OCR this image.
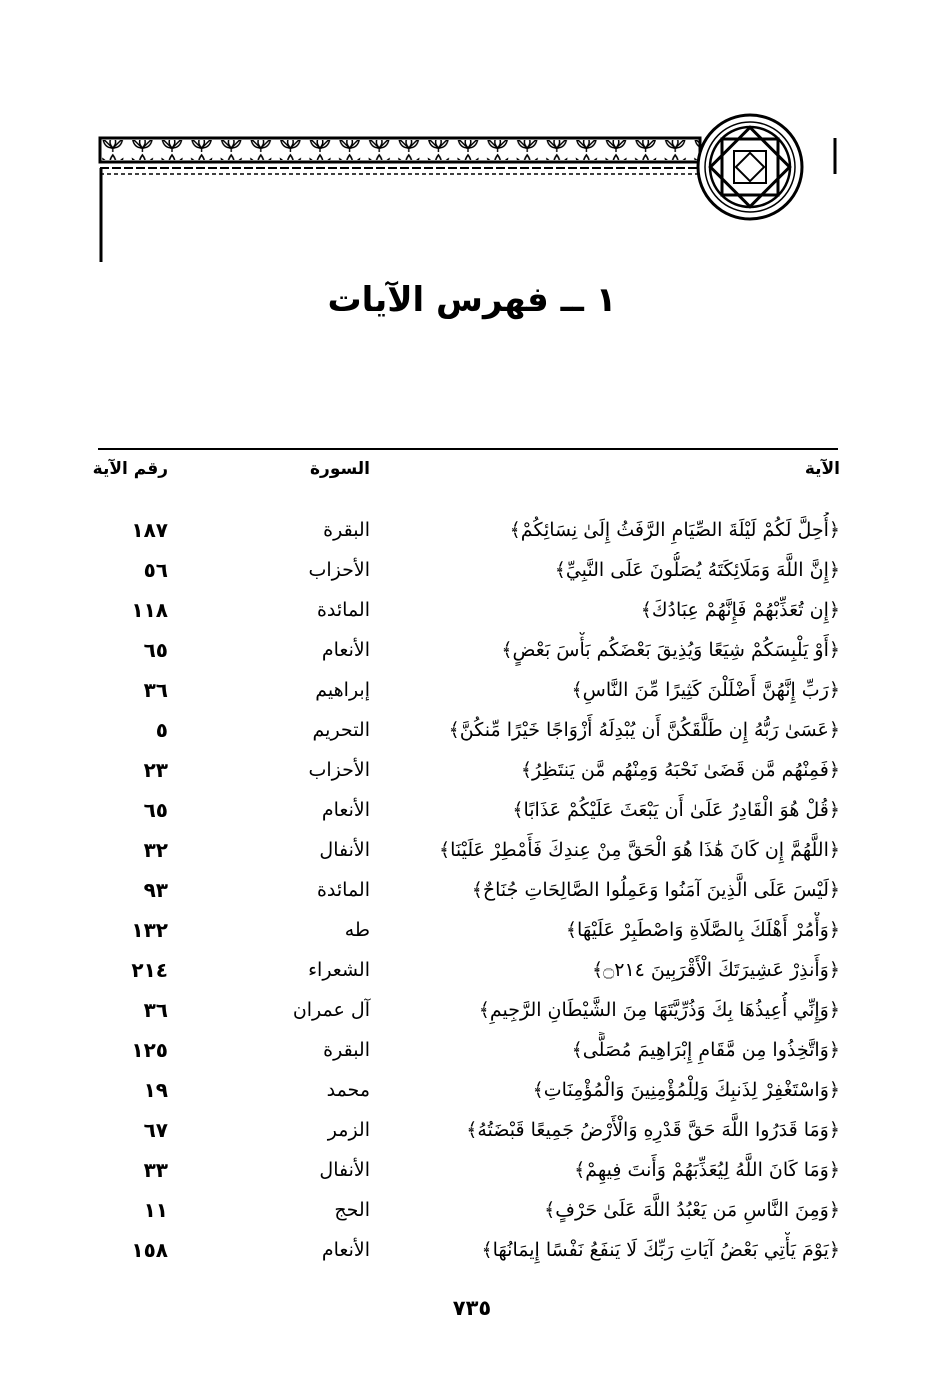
١ ــ فهرس الآيات
الآية
السورة
رقم الآية
﴿أُحِلَّ لَكُمْ لَيْلَةَ الصِّيَامِ الرَّفَثُ إِلَىٰ نِسَائِكُمْ﴾
البقرة
١٨٧
﴿إِنَّ اللَّهَ وَمَلَائِكَتَهُ يُصَلُّونَ عَلَى النَّبِيِّ﴾
الأحزاب
٥٦
﴿إِن تُعَذِّبْهُمْ فَإِنَّهُمْ عِبَادُكَ﴾
المائدة
١١٨
﴿أَوْ يَلْبِسَكُمْ شِيَعًا وَيُذِيقَ بَعْضَكُم بَأْسَ بَعْضٍ﴾
الأنعام
٦٥
﴿رَبِّ إِنَّهُنَّ أَضْلَلْنَ كَثِيرًا مِّنَ النَّاسِ﴾
إبراهيم
٣٦
﴿عَسَىٰ رَبُّهُ إِن طَلَّقَكُنَّ أَن يُبْدِلَهُ أَزْوَاجًا خَيْرًا مِّنكُنَّ﴾
التحريم
٥
﴿فَمِنْهُم مَّن قَضَىٰ نَحْبَهُ وَمِنْهُم مَّن يَنتَظِرُ﴾
الأحزاب
٢٣
﴿قُلْ هُوَ الْقَادِرُ عَلَىٰ أَن يَبْعَثَ عَلَيْكُمْ عَذَابًا﴾
الأنعام
٦٥
﴿اللَّهُمَّ إِن كَانَ هَٰذَا هُوَ الْحَقَّ مِنْ عِندِكَ فَأَمْطِرْ عَلَيْنَا﴾
الأنفال
٣٢
﴿لَيْسَ عَلَى الَّذِينَ آمَنُوا وَعَمِلُوا الصَّالِحَاتِ جُنَاحٌ﴾
المائدة
٩٣
﴿وَأْمُرْ أَهْلَكَ بِالصَّلَاةِ وَاصْطَبِرْ عَلَيْهَا﴾
طه
١٣٢
﴿وَأَنذِرْ عَشِيرَتَكَ الْأَقْرَبِينَ ۝٢١٤﴾
الشعراء
٢١٤
﴿وَإِنِّي أُعِيذُهَا بِكَ وَذُرِّيَّتَهَا مِنَ الشَّيْطَانِ الرَّجِيمِ﴾
آل عمران
٣٦
﴿وَاتَّخِذُوا مِن مَّقَامِ إِبْرَاهِيمَ مُصَلًّى﴾
البقرة
١٢٥
﴿وَاسْتَغْفِرْ لِذَنبِكَ وَلِلْمُؤْمِنِينَ وَالْمُؤْمِنَاتِ﴾
محمد
١٩
﴿وَمَا قَدَرُوا اللَّهَ حَقَّ قَدْرِهِ وَالْأَرْضُ جَمِيعًا قَبْضَتُهُ﴾
الزمر
٦٧
﴿وَمَا كَانَ اللَّهُ لِيُعَذِّبَهُمْ وَأَنتَ فِيهِمْ﴾
الأنفال
٣٣
﴿وَمِنَ النَّاسِ مَن يَعْبُدُ اللَّهَ عَلَىٰ حَرْفٍ﴾
الحج
١١
﴿يَوْمَ يَأْتِي بَعْضُ آيَاتِ رَبِّكَ لَا يَنفَعُ نَفْسًا إِيمَانُهَا﴾
الأنعام
١٥٨
٧٣٥
